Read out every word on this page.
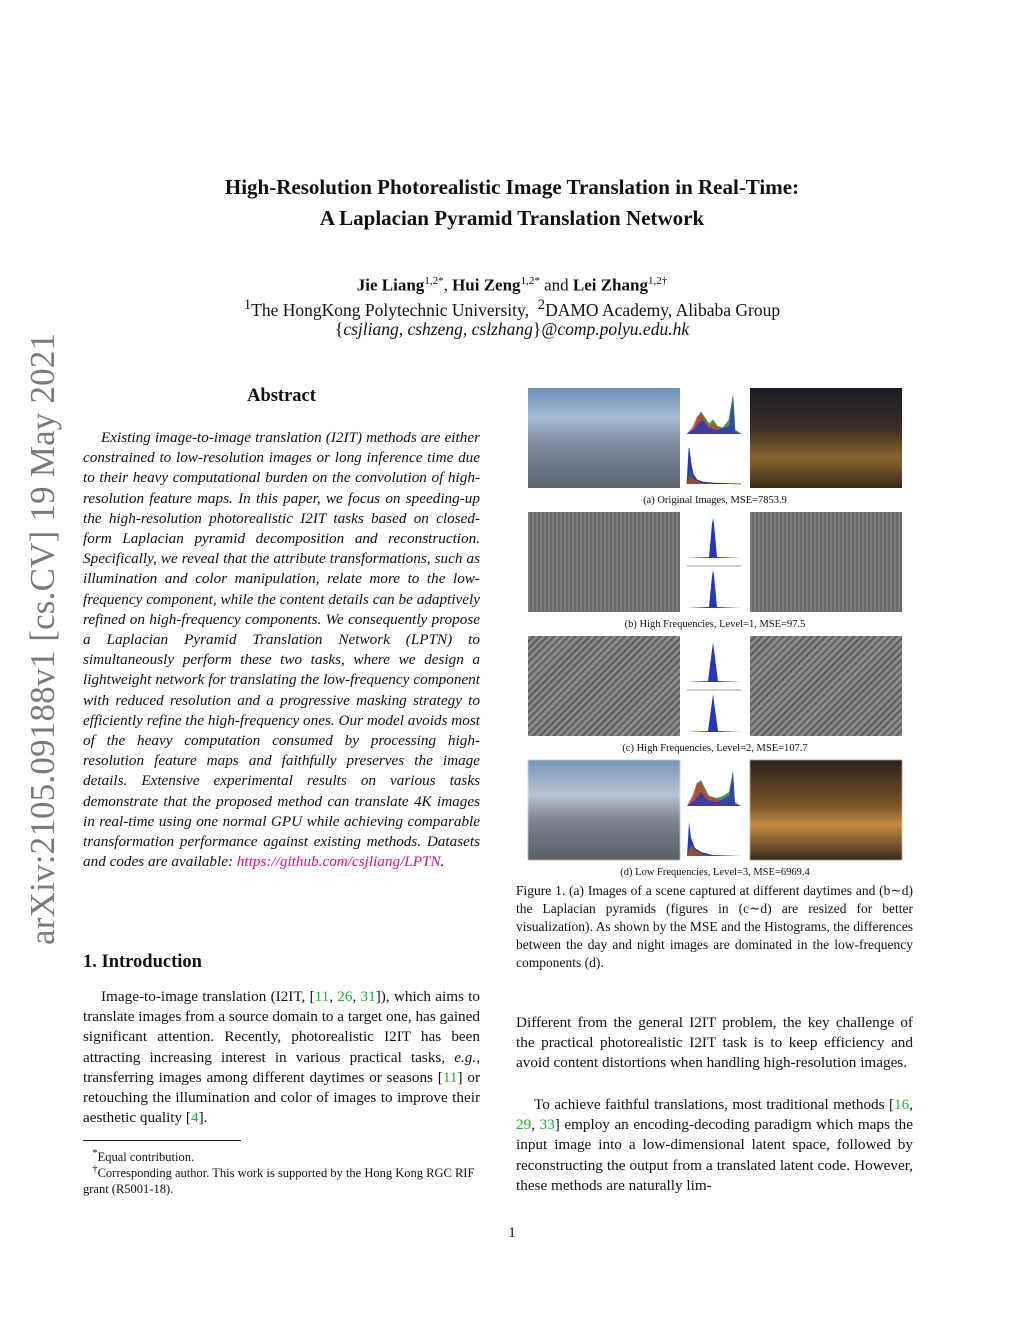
arXiv:2105.09188v1 [cs.CV] 19 May 2021
High-Resolution Photorealistic Image Translation in Real-Time:
A Laplacian Pyramid Translation Network
Jie Liang$^{1,2*}$, Hui Zeng$^{1,2*}$ and Lei Zhang$^{1,2\dagger}$
$^1$The HongKong Polytechnic University, $^2$DAMO Academy, Alibaba Group
{csjliang, cshzeng, cslzhang}@comp.polyu.edu.hk
Abstract
Existing image-to-image translation (I2IT) methods are either constrained to low-resolution images or long inference time due to their heavy computational burden on the convolution of high-resolution feature maps. In this paper, we focus on speeding-up the high-resolution photorealistic I2IT tasks based on closed-form Laplacian pyramid decomposition and reconstruction. Specifically, we reveal that the attribute transformations, such as illumination and color manipulation, relate more to the low-frequency component, while the content details can be adaptively refined on high-frequency components. We consequently propose a Laplacian Pyramid Translation Network (LPTN) to simultaneously perform these two tasks, where we design a lightweight network for translating the low-frequency component with reduced resolution and a progressive masking strategy to efficiently refine the high-frequency ones. Our model avoids most of the heavy computation consumed by processing high-resolution feature maps and faithfully preserves the image details. Extensive experimental results on various tasks demonstrate that the proposed method can translate 4K images in real-time using one normal GPU while achieving comparable transformation performance against existing methods. Datasets and codes are available: https://github.com/csjliang/LPTN.
1. Introduction
Image-to-image translation (I2IT, [11, 26, 31]), which aims to translate images from a source domain to a target one, has gained significant attention. Recently, photorealistic I2IT has been attracting increasing interest in various practical tasks, e.g., transferring images among different daytimes or seasons [11] or retouching the illumination and color of images to improve their aesthetic quality [4].
*Equal contribution.
†Corresponding author. This work is supported by the Hong Kong RGC RIF grant (R5001-18).
(a) Original Images, MSE=7853.9
(b) High Frequencies, Level=1, MSE=97.5
(c) High Frequencies, Level=2, MSE=107.7
(d) Low Frequencies, Level=3, MSE=6969.4
Figure 1. (a) Images of a scene captured at different daytimes and (b∼d) the Laplacian pyramids (figures in (c∼d) are resized for better visualization). As shown by the MSE and the Histograms, the differences between the day and night images are dominated in the low-frequency components (d).
Different from the general I2IT problem, the key challenge of the practical photorealistic I2IT task is to keep efficiency and avoid content distortions when handling high-resolution images.
To achieve faithful translations, most traditional methods [16, 29, 33] employ an encoding-decoding paradigm which maps the input image into a low-dimensional latent space, followed by reconstructing the output from a translated latent code. However, these methods are naturally lim-
1
